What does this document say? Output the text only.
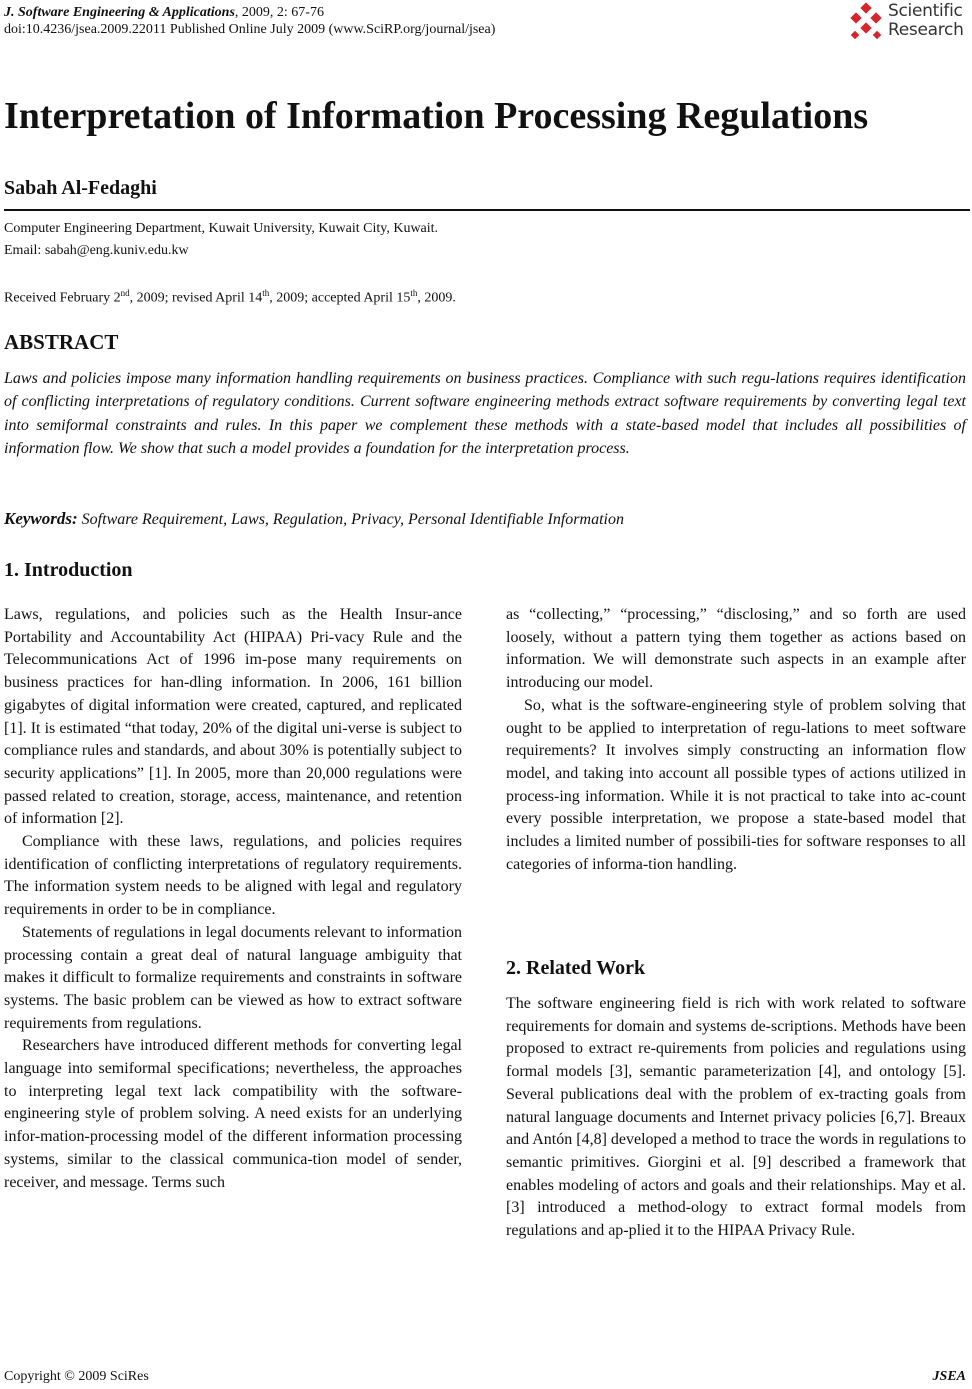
J. Software Engineering & Applications, 2009, 2: 67-76
doi:10.4236/jsea.2009.22011 Published Online July 2009 (www.SciRP.org/journal/jsea)
Scientific
Research
Interpretation of Information Processing Regulations
Sabah Al-Fedaghi
Computer Engineering Department, Kuwait University, Kuwait City, Kuwait.
Email: sabah@eng.kuniv.edu.kw
Received February 2nd, 2009; revised April 14th, 2009; accepted April 15th, 2009.
ABSTRACT
Laws and policies impose many information handling requirements on business practices. Compliance with such regu-lations requires identification of conflicting interpretations of regulatory conditions. Current software engineering methods extract software requirements by converting legal text into semiformal constraints and rules. In this paper we complement these methods with a state-based model that includes all possibilities of information flow. We show that such a model provides a foundation for the interpretation process.
Keywords: Software Requirement, Laws, Regulation, Privacy, Personal Identifiable Information
1. Introduction

Laws, regulations, and policies such as the Health Insur-ance Portability and Accountability Act (HIPAA) Pri-vacy Rule and the Telecommunications Act of 1996 im-pose many requirements on business practices for han-dling information. In 2006, 161 billion gigabytes of digital information were created, captured, and replicated [1]. It is estimated “that today, 20% of the digital uni-verse is subject to compliance rules and standards, and about 30% is potentially subject to security applications” [1]. In 2005, more than 20,000 regulations were passed related to creation, storage, access, maintenance, and retention of information [2].

Compliance with these laws, regulations, and policies requires identification of conflicting interpretations of regulatory requirements. The information system needs to be aligned with legal and regulatory requirements in order to be in compliance.

Statements of regulations in legal documents relevant to information processing contain a great deal of natural language ambiguity that makes it difficult to formalize requirements and constraints in software systems. The basic problem can be viewed as how to extract software requirements from regulations.

Researchers have introduced different methods for converting legal language into semiformal specifications; nevertheless, the approaches to interpreting legal text lack compatibility with the software-engineering style of problem solving. A need exists for an underlying infor-mation-processing model of the different information processing systems, similar to the classical communica-tion model of sender, receiver, and message. Terms such

as “collecting,” “processing,” “disclosing,” and so forth are used loosely, without a pattern tying them together as actions based on information. We will demonstrate such aspects in an example after introducing our model.

So, what is the software-engineering style of problem solving that ought to be applied to interpretation of regu-lations to meet software requirements? It involves simply constructing an information flow model, and taking into account all possible types of actions utilized in process-ing information. While it is not practical to take into ac-count every possible interpretation, we propose a state-based model that includes a limited number of possibili-ties for software responses to all categories of informa-tion handling.

2. Related Work

The software engineering field is rich with work related to software requirements for domain and systems de-scriptions. Methods have been proposed to extract re-quirements from policies and regulations using formal models [3], semantic parameterization [4], and ontology [5]. Several publications deal with the problem of ex-tracting goals from natural language documents and Internet privacy policies [6,7]. Breaux and Antón [4,8] developed a method to trace the words in regulations to semantic primitives. Giorgini et al. [9] described a framework that enables modeling of actors and goals and their relationships. May et al. [3] introduced a method-ology to extract formal models from regulations and ap-plied it to the HIPAA Privacy Rule.

Copyright © 2009 SciRes	JSEA
